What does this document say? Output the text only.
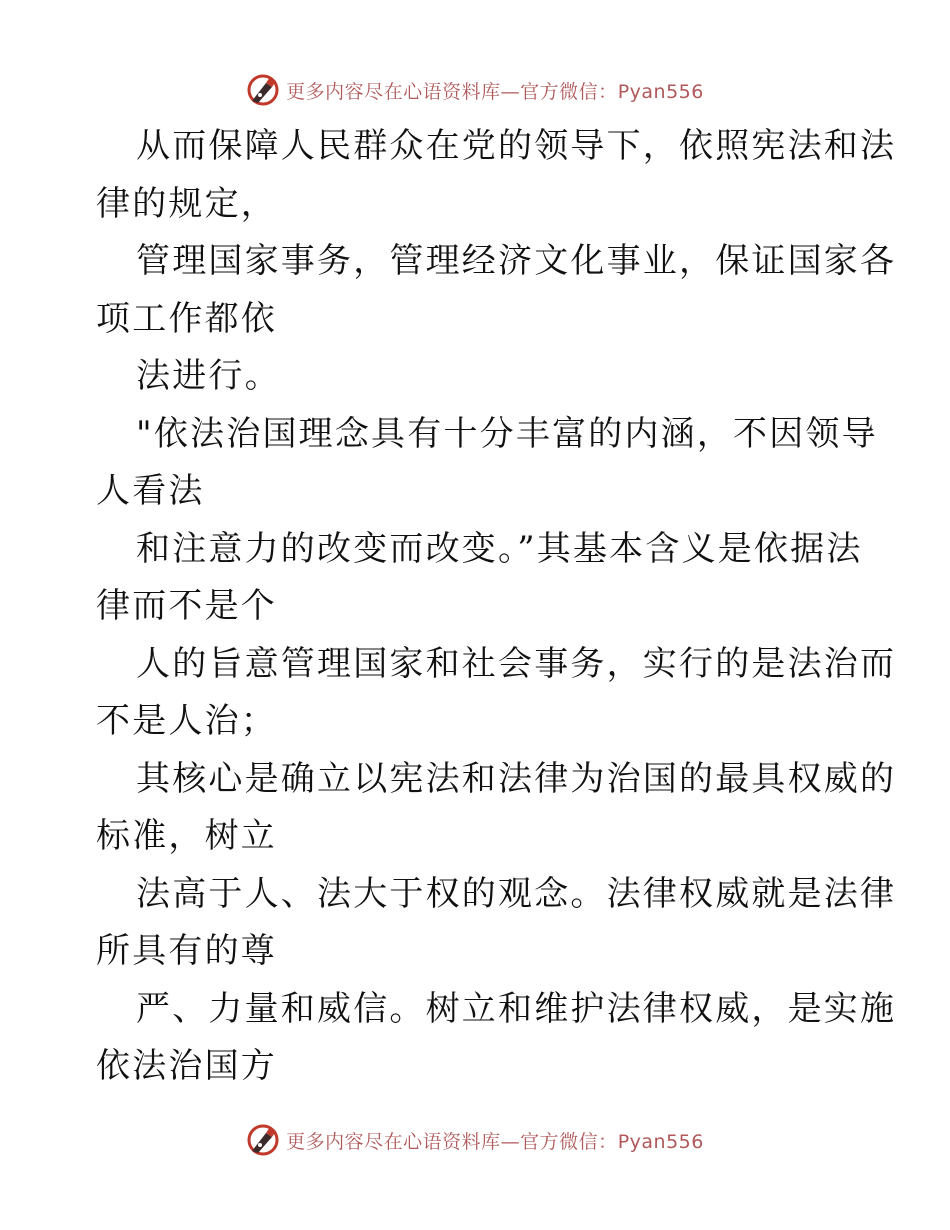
更多内容尽在心语资料库—官方微信：Pyan556

从而保障人民群众在党的领导下，依照宪法和法
律的规定，

管理国家事务，管理经济文化事业，保证国家各
项工作都依

法进行。

"依法治国理念具有十分丰富的内涵，不因领导
人看法

和注意力的改变而改变。”其基本含义是依据法
律而不是个

人的旨意管理国家和社会事务，实行的是法治而
不是人治；

其核心是确立以宪法和法律为治国的最具权威的
标准，树立

法高于人、法大于权的观念。法律权威就是法律
所具有的尊

严、力量和威信。树立和维护法律权威，是实施
依法治国方

更多内容尽在心语资料库—官方微信：Pyan556
